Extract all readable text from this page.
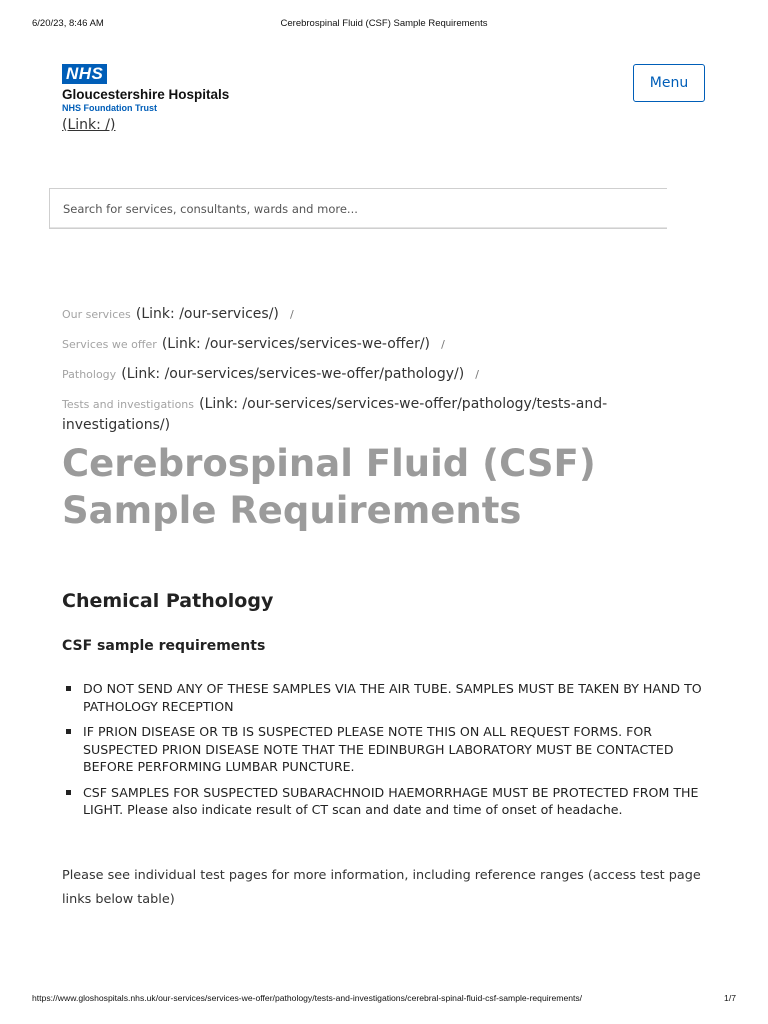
6/20/23, 8:46 AM	Cerebrospinal Fluid (CSF) Sample Requirements
NHS
Gloucestershire Hospitals
NHS Foundation Trust
(Link: /)
Menu
Search for services, consultants, wards and more...
Our services (Link: /our-services/) /
Services we offer (Link: /our-services/services-we-offer/) /
Pathology (Link: /our-services/services-we-offer/pathology/) /
Tests and investigations (Link: /our-services/services-we-offer/pathology/tests-and-investigations/)
Cerebrospinal Fluid (CSF) Sample Requirements
Chemical Pathology
CSF sample requirements
DO NOT SEND ANY OF THESE SAMPLES VIA THE AIR TUBE. SAMPLES MUST BE TAKEN BY HAND TO PATHOLOGY RECEPTION
IF PRION DISEASE OR TB IS SUSPECTED PLEASE NOTE THIS ON ALL REQUEST FORMS. FOR SUSPECTED PRION DISEASE NOTE THAT THE EDINBURGH LABORATORY MUST BE CONTACTED BEFORE PERFORMING LUMBAR PUNCTURE.
CSF SAMPLES FOR SUSPECTED SUBARACHNOID HAEMORRHAGE MUST BE PROTECTED FROM THE LIGHT. Please also indicate result of CT scan and date and time of onset of headache.

Please see individual test pages for more information, including reference ranges (access test page links below table)

https://www.gloshospitals.nhs.uk/our-services/services-we-offer/pathology/tests-and-investigations/cerebral-spinal-fluid-csf-sample-requirements/	1/7
